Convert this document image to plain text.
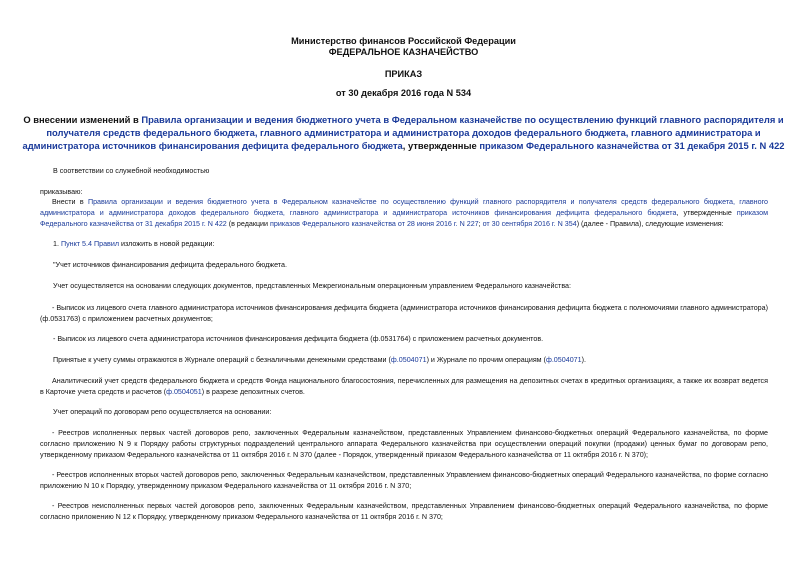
Министерство финансов Российской Федерации
ФЕДЕРАЛЬНОЕ КАЗНАЧЕЙСТВО
ПРИКАЗ
от 30 декабря 2016 года N 534
О внесении изменений в Правила организации и ведения бюджетного учета в Федеральном казначействе по осуществлению функций главного распорядителя и получателя средств федерального бюджета, главного администратора и администратора доходов федерального бюджета, главного администратора и администратора источников финансирования дефицита федерального бюджета, утвержденные приказом Федерального казначейства от 31 декабря 2015 г. N 422
В соответствии со служебной необходимостью
приказываю:
Внести в Правила организации и ведения бюджетного учета в Федеральном казначействе по осуществлению функций главного распорядителя и получателя средств федерального бюджета, главного администратора и администратора доходов федерального бюджета, главного администратора и администратора источников финансирования дефицита федерального бюджета, утвержденные приказом Федерального казначейства от 31 декабря 2015 г. N 422 (в редакции приказов Федерального казначейства от 28 июня 2016 г. N 227; от 30 сентября 2016 г. N 354) (далее - Правила), следующие изменения:
1. Пункт 5.4 Правил изложить в новой редакции:
"Учет источников финансирования дефицита федерального бюджета.
Учет осуществляется на основании следующих документов, представленных Межрегиональным операционным управлением Федерального казначейства:
- Выписок из лицевого счета главного администратора источников финансирования дефицита бюджета (администратора источников финансирования дефицита бюджета с полномочиями главного администратора) (ф.0531763) с приложением расчетных документов;
- Выписок из лицевого счета администратора источников финансирования дефицита бюджета (ф.0531764) с приложением расчетных документов.
Принятые к учету суммы отражаются в Журнале операций с безналичными денежными средствами (ф.0504071) и Журнале по прочим операциям (ф.0504071).
Аналитический учет средств федерального бюджета и средств Фонда национального благосостояния, перечисленных для размещения на депозитных счетах в кредитных организациях, а также их возврат ведется в Карточке учета средств и расчетов (ф.0504051) в разрезе депозитных счетов.
Учет операций по договорам репо осуществляется на основании:
- Реестров исполненных первых частей договоров репо, заключенных Федеральным казначейством, представленных Управлением финансово-бюджетных операций Федерального казначейства, по форме согласно приложению N 9 к Порядку работы структурных подразделений центрального аппарата Федерального казначейства при осуществлении операций покупки (продажи) ценных бумаг по договорам репо, утвержденному приказом Федерального казначейства от 11 октября 2016 г. N 370 (далее - Порядок, утвержденный приказом Федерального казначейства от 11 октября 2016 г. N 370);
- Реестров исполненных вторых частей договоров репо, заключенных Федеральным казначейством, представленных Управлением финансово-бюджетных операций Федерального казначейства, по форме согласно приложению N 10 к Порядку, утвержденному приказом Федерального казначейства от 11 октября 2016 г. N 370;
- Реестров неисполненных первых частей договоров репо, заключенных Федеральным казначейством, представленных Управлением финансово-бюджетных операций Федерального казначейства, по форме согласно приложению N 12 к Порядку, утвержденному приказом Федерального казначейства от 11 октября 2016 г. N 370;
